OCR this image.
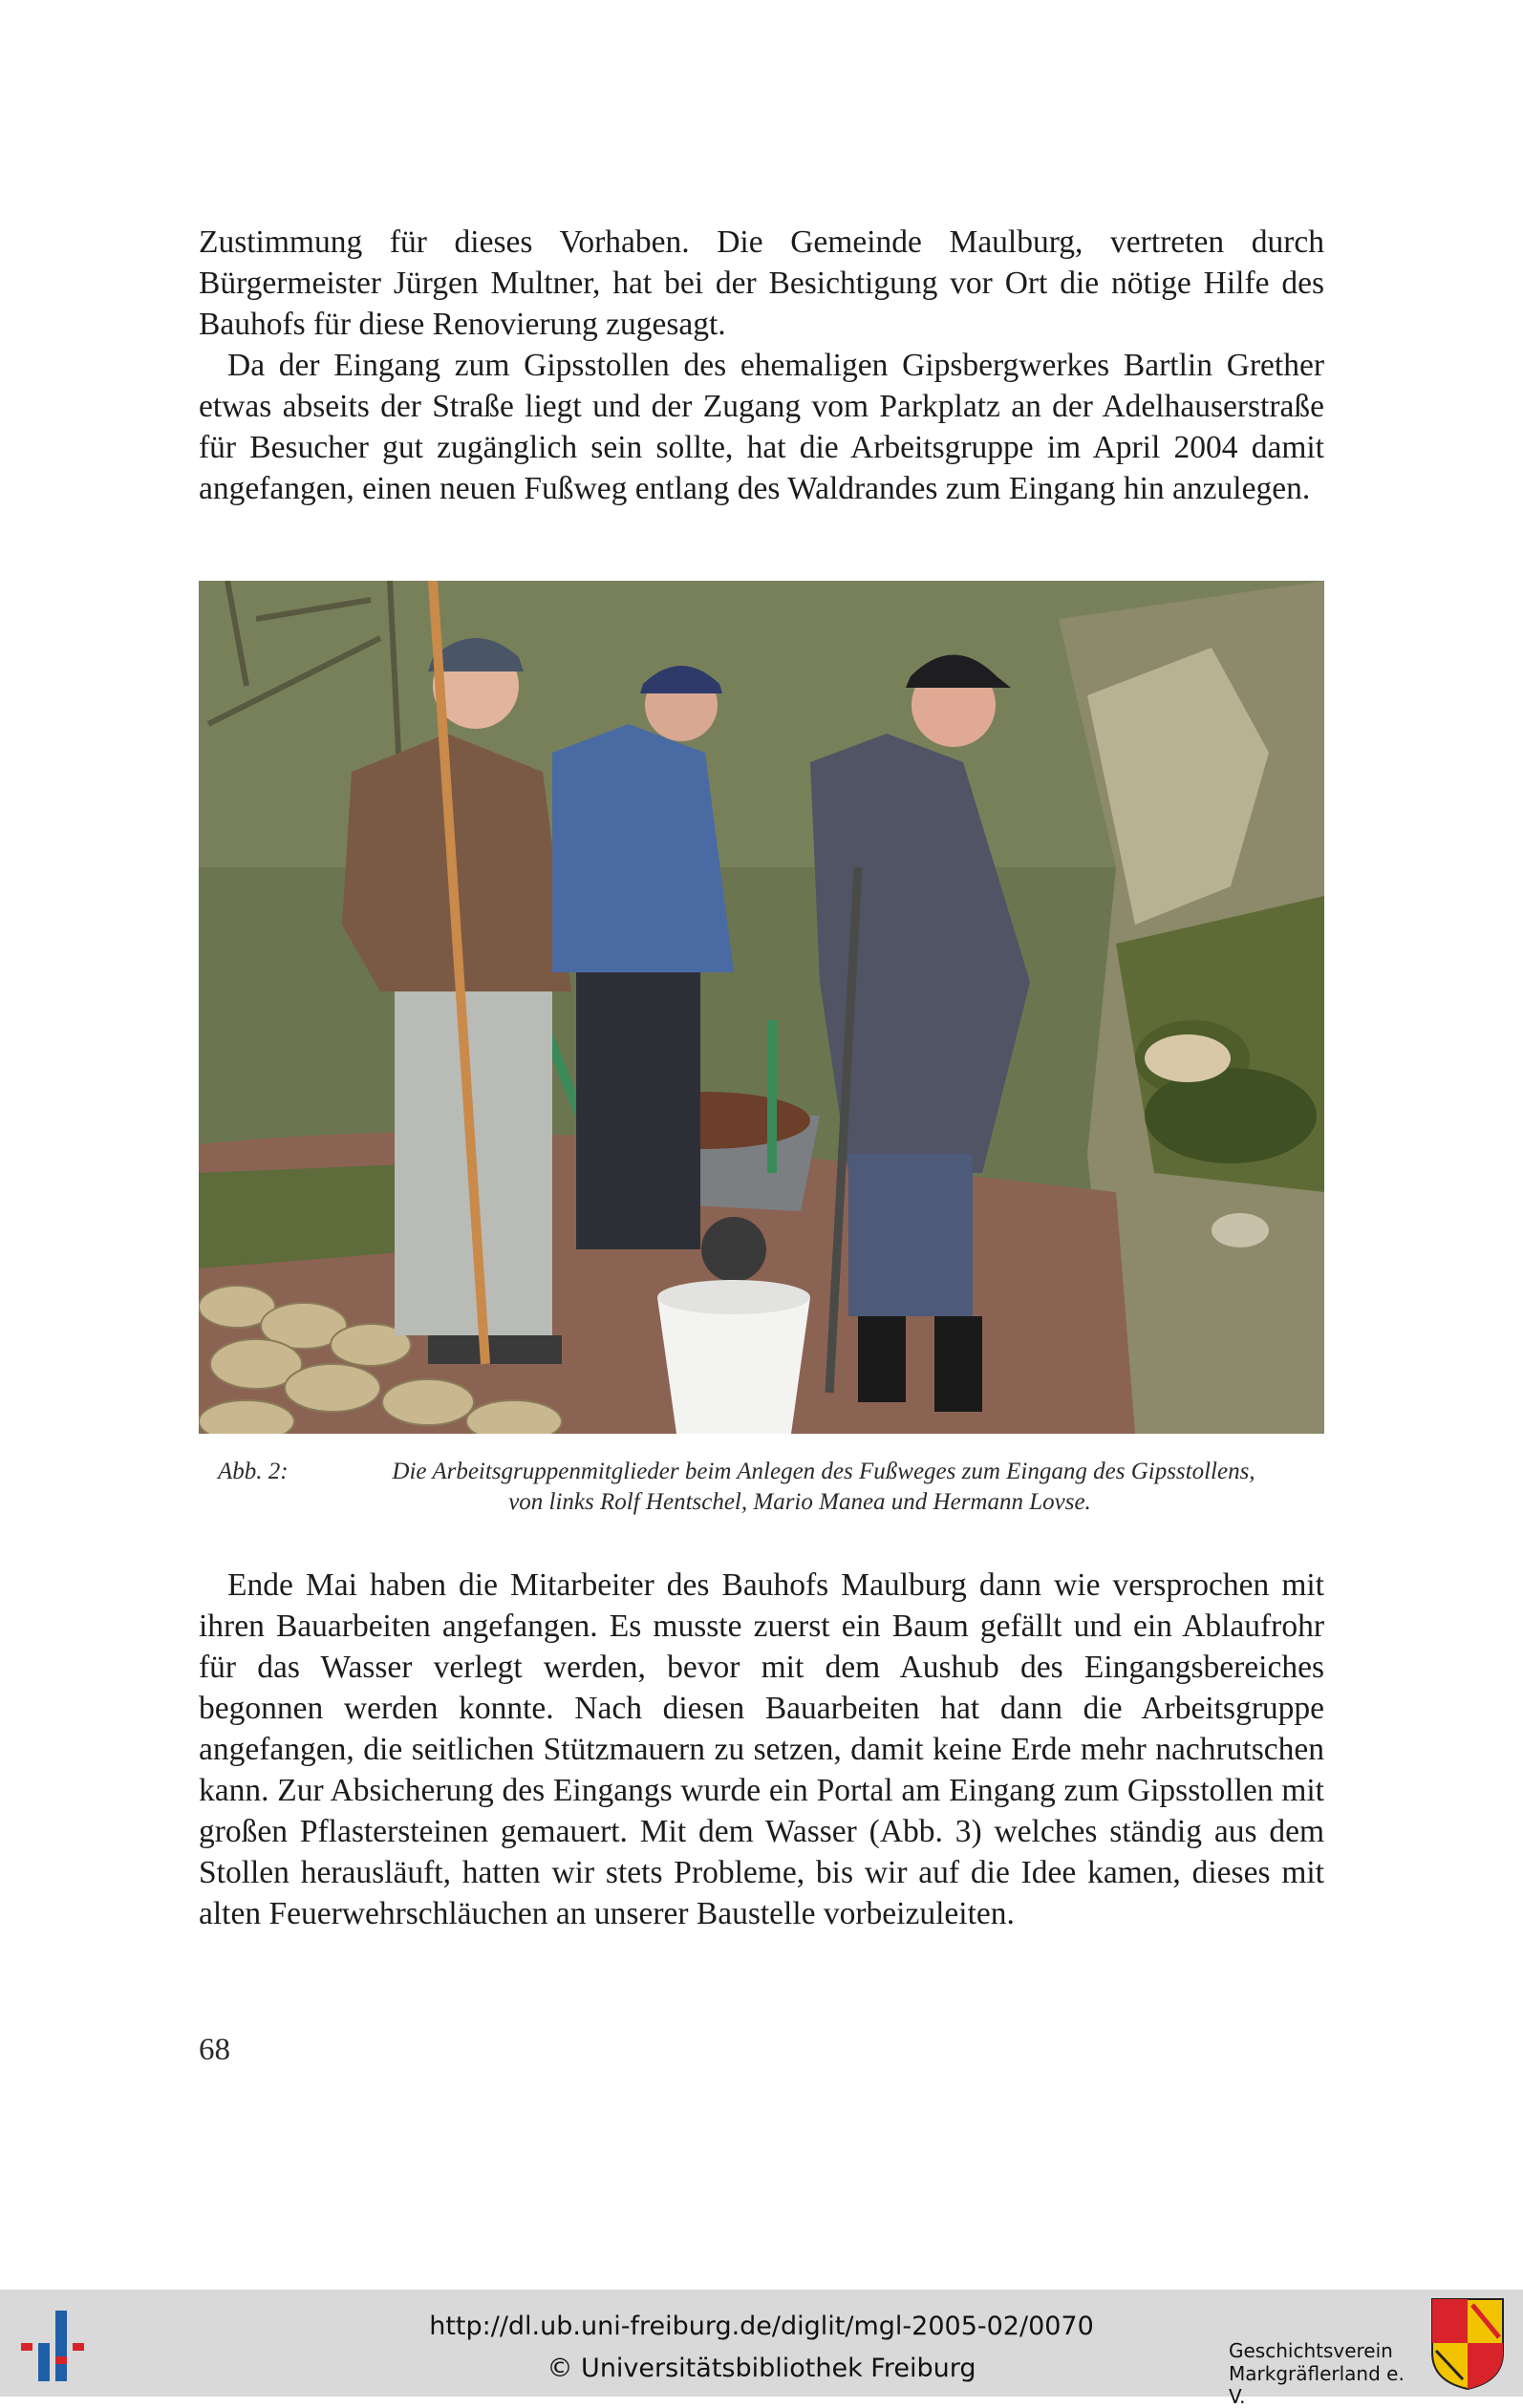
Zustimmung für dieses Vorhaben. Die Gemeinde Maulburg, vertreten durch Bürgermeister Jürgen Multner, hat bei der Besichtigung vor Ort die nötige Hilfe des Bauhofs für diese Renovierung zugesagt.

Da der Eingang zum Gipsstollen des ehemaligen Gipsbergwerkes Bartlin Grether etwas abseits der Straße liegt und der Zugang vom Parkplatz an der Adelhauserstraße für Besucher gut zugänglich sein sollte, hat die Arbeitsgruppe im April 2004 damit angefangen, einen neuen Fußweg entlang des Waldrandes zum Eingang hin anzulegen.

Abb. 2:	Die Arbeitsgruppenmitglieder beim Anlegen des Fußweges zum Eingang des Gipsstollens,
von links Rolf Hentschel, Mario Manea und Hermann Lovse.

Ende Mai haben die Mitarbeiter des Bauhofs Maulburg dann wie versprochen mit ihren Bauarbeiten angefangen. Es musste zuerst ein Baum gefällt und ein Ablaufrohr für das Wasser verlegt werden, bevor mit dem Aushub des Eingangsbereiches begonnen werden konnte. Nach diesen Bauarbeiten hat dann die Arbeitsgruppe angefangen, die seitlichen Stützmauern zu setzen, damit keine Erde mehr nachrutschen kann. Zur Absicherung des Eingangs wurde ein Portal am Eingang zum Gipsstollen mit großen Pflastersteinen gemauert. Mit dem Wasser (Abb. 3) welches ständig aus dem Stollen herausläuft, hatten wir stets Probleme, bis wir auf die Idee kamen, dieses mit alten Feuerwehrschläuchen an unserer Baustelle vorbeizuleiten.

68
http://dl.ub.uni-freiburg.de/diglit/mgl-2005-02/0070
© Universitätsbibliothek Freiburg
Geschichtsverein
Markgräflerland e. V.
